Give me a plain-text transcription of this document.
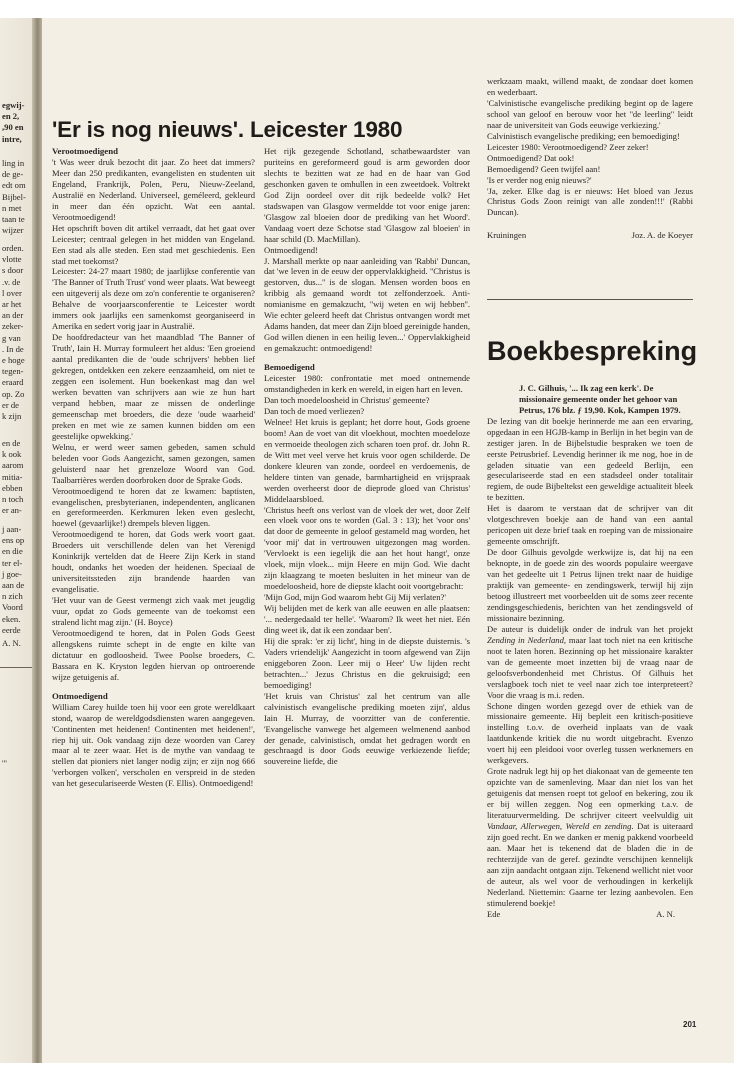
egwij-

en 2,

,90 en

intre,

ling in

de ge-

edt om

Bijbel-

n met

taan te

wijzer

orden.

vlotte

s door

.v. de

l over

ar het

an der

zeker-

g van

. In de

e hoge

tegen-

eraard

op. Zo

er de

k zijn

en de

k ook

aarom

mitia-

ebben

n toch

er an-

j aan-

ens op

en die

ter el-

j goe-

aan de

n zich

Voord

eken.

eerde

A. N.

'"

'Er is nog nieuws'. Leicester 1980
Verootmoedigend

't Was weer druk bezocht dit jaar. Zo heet dat immers? Meer dan 250 predikanten, evangelisten en studenten uit Engeland, Frankrijk, Polen, Peru, Nieuw-Zeeland, Australië en Nederland. Universeel, geméleerd, gekleurd in meer dan één opzicht. Wat een aantal. Verootmoedigend!

Het opschrift boven dit artikel verraadt, dat het gaat over Leicester; centraal gelegen in het midden van Engeland. Een stad als alle steden. Een stad met geschiedenis. Een stad met toekomst?

Leicester: 24-27 maart 1980; de jaarlijkse conferentie van 'The Banner of Truth Trust' vond weer plaats. Wat beweegt een uitgeverij als deze om zo'n conferentie te organiseren? Behalve de voorjaarsconferentie te Leicester wordt immers ook jaarlijks een samenkomst georganiseerd in Amerika en sedert vorig jaar in Australië.

De hoofdredacteur van het maandblad 'The Banner of Truth', Iain H. Murray formuleert het aldus: 'Een groeiend aantal predikanten die de 'oude schrijvers' hebben lief gekregen, ontdekken een zekere eenzaamheid, om niet te zeggen een isolement. Hun boekenkast mag dan wel werken bevatten van schrijvers aan wie ze hun hart verpand hebben, maar ze missen de onderlinge gemeenschap met broeders, die deze 'oude waarheid' preken en met wie ze samen kunnen bidden om een geestelijke opwekking.'

Welnu, er werd weer samen gebeden, samen schuld beleden voor Gods Aangezicht, samen gezongen, samen geluisterd naar het grenzeloze Woord van God. Taalbarrières werden doorbroken door de Sprake Gods.

Verootmoedigend te horen dat ze kwamen: baptisten, evangelischen, presbyterianen, independenten, anglicanen en gereformeerden. Kerkmuren leken even geslecht, hoewel (gevaarlijke!) drempels bleven liggen.

Verootmoedigend te horen, dat Gods werk voort gaat. Broeders uit verschillende delen van het Verenigd Koninkrijk vertelden dat de Heere Zijn Kerk in stand houdt, ondanks het woeden der heidenen. Speciaal de universiteitssteden zijn brandende haarden van evangelisatie.

'Het vuur van de Geest vermengt zich vaak met jeugdig vuur, opdat zo Gods gemeente van de toekomst een stralend licht mag zijn.' (H. Boyce)

Verootmoedigend te horen, dat in Polen Gods Geest allengskens ruimte schept in de engte en kilte van dictatuur en godloosheid. Twee Poolse broeders, C. Bassara en K. Kryston legden hiervan op ontroerende wijze getuigenis af.

Ontmoedigend

William Carey huilde toen hij voor een grote wereldkaart stond, waarop de wereldgodsdiensten waren aangegeven. 'Continenten met heidenen! Continenten met heidenen!', riep hij uit. Ook vandaag zijn deze woorden van Carey maar al te zeer waar. Het is de mythe van vandaag te stellen dat pioniers niet langer nodig zijn; er zijn nog 666 'verborgen volken', verscholen en verspreid in de steden van het geseculariseerde Westen (F. Ellis). Ontmoedigend!

Het rijk gezegende Schotland, schatbewaardster van puriteins en gereformeerd goud is arm geworden door slechts te bezitten wat ze had en de haar van God geschonken gaven te omhullen in een zweetdoek. Voltrekt God Zijn oordeel over dit rijk bedeelde volk? Het stadswapen van Glasgow vermeldde tot voor enige jaren: 'Glasgow zal bloeien door de prediking van het Woord'. Vandaag voert deze Schotse stad 'Glasgow zal bloeien' in haar schild (D. MacMillan).

Ontmoedigend!

J. Marshall merkte op naar aanleiding van 'Rabbi' Duncan, dat 'we leven in de eeuw der oppervlakkigheid. ''Christus is gestorven, dus...'' is de slogan. Mensen worden boos en kribbig als gemaand wordt tot zelfonderzoek. Anti-nomianisme en gemakzucht, ''wij weten en wij hebben''. Wie echter geleerd heeft dat Christus ontvangen wordt met Adams handen, dat meer dan Zijn bloed gereinigde handen, God willen dienen in een heilig leven...' Oppervlakkigheid en gemakzucht: ontmoedigend!

Bemoedigend

Leicester 1980: confrontatie met moed ontnemende omstandigheden in kerk en wereld, in eigen hart en leven.

Dan toch moedeloosheid in Christus' gemeente?

Dan toch de moed verliezen?

Welnee! Het kruis is geplant; het dorre hout, Gods groene boom! Aan de voet van dit vloekhout, mochten moedeloze en vermoeide theologen zich scharen toen prof. dr. John R. de Witt met veel verve het kruis voor ogen schilderde. De donkere kleuren van zonde, oordeel en verdoemenis, de heldere tinten van genade, barmhartigheid en vrijspraak werden overheerst door de dieprode gloed van Christus' Middelaarsbloed.

'Christus heeft ons verlost van de vloek der wet, door Zelf een vloek voor ons te worden (Gal. 3 : 13); het 'voor ons' dat door de gemeente in geloof gestameld mag worden, het 'voor mij' dat in vertrouwen uitgezongen mag worden. 'Vervloekt is een iegelijk die aan het hout hangt', onze vloek, mijn vloek... mijn Heere en mijn God. Wie dacht zijn klaagzang te moeten besluiten in het mineur van de moedeloosheid, hore de diepste klacht ooit voortgebracht:

'Mijn God, mijn God waarom hebt Gij Mij verlaten?'

Wij belijden met de kerk van alle eeuwen en alle plaatsen: '... nedergedaald ter helle'. 'Waarom? Ik weet het niet. Eén ding weet ik, dat ik een zondaar ben'.

Hij die sprak: 'er zij licht', hing in de diepste duisternis. 's Vaders vriendelijk' Aangezicht in toorn afgewend van Zijn eniggeboren Zoon. Leer mij o Heer' Uw lijden recht betrachten...' Jezus Christus en die gekruisigd; een bemoediging!

'Het kruis van Christus' zal het centrum van alle calvinistisch evangelische prediking moeten zijn', aldus Iain H. Murray, de voorzitter van de conferentie. 'Evangelische vanwege het algemeen welmenend aanbod der genade, calvinistisch, omdat het gedragen wordt en geschraagd is door Gods eeuwige verkiezende liefde; souvereine liefde, die

werkzaam maakt, willend maakt, de zondaar doet komen en wederbaart.

'Calvinistische evangelische prediking begint op de lagere school van geloof en berouw voor het ''de leerling'' leidt naar de universiteit van Gods eeuwige verkiezing.'

Calvinistisch evangelische prediking; een bemoediging!

Leicester 1980: Verootmoedigend? Zeer zeker!

Ontmoedigend? Dat ook!

Bemoedigend? Geen twijfel aan!

'Is er verder nog enig nieuws?'

'Ja, zeker. Elke dag is er nieuws: Het bloed van Jezus Christus Gods Zoon reinigt van alle zonden!!!' (Rabbi Duncan).

Kruiningen	Joz. A. de Koeyer
Boekbespreking

J. C. Gilhuis, '... Ik zag een kerk'. De missionaire gemeente onder het gehoor van Petrus, 176 blz. ƒ 19,90. Kok, Kampen 1979.

De lezing van dit boekje herinnerde me aan een ervaring, opgedaan in een HGJB-kamp in Berlijn in het begin van de zestiger jaren. In de Bijbelstudie bespraken we toen de eerste Petrusbrief. Levendig herinner ik me nog, hoe in de geladen situatie van een gedeeld Berlijn, een geseculariseerde stad en een stadsdeel onder totalitair regiem, de oude Bijbeltekst een geweldige actualiteit bleek te bezitten.

Het is daarom te verstaan dat de schrijver van dit vlotgeschreven boekje aan de hand van een aantal pericopen uit deze brief taak en roeping van de missionaire gemeente omschrijft.

De door Gilhuis gevolgde werkwijze is, dat hij na een beknopte, in de goede zin des woords populaire weergave van het gedeelte uit 1 Petrus lijnen trekt naar de huidige praktijk van gemeente- en zendingswerk, terwijl hij zijn betoog illustreert met voorbeelden uit de soms zeer recente zendingsgeschiedenis, berichten van het zendingsveld of missionaire bezinning.

De auteur is duidelijk onder de indruk van het projekt Zending in Nederland, maar laat toch niet na een kritische noot te laten horen. Bezinning op het missionaire karakter van de gemeente moet inzetten bij de vraag naar de geloofsverbondenheid met Christus. Of Gilhuis het verslagboek toch niet te veel naar zich toe interpreteert? Voor die vraag is m.i. reden.

Schone dingen worden gezegd over de ethiek van de missionaire gemeente. Hij bepleit een kritisch-positieve instelling t.o.v. de overheid inplaats van de vaak laatdunkende kritiek die nu wordt uitgebracht. Evenzo voert hij een pleidooi voor overleg tussen werknemers en werkgevers.

Grote nadruk legt hij op het diakonaat van de gemeente ten opzichte van de samenleving. Maar dan niet los van het getuigenis dat mensen roept tot geloof en bekering, zou ik er bij willen zeggen. Nog een opmerking t.a.v. de literatuurvermelding. De schrijver citeert veelvuldig uit Vandaar, Allerwegen, Wereld en zending. Dat is uiteraard zijn goed recht. En we danken er menig pakkend voorbeeld aan. Maar het is tekenend dat de bladen die in de rechterzijde van de geref. gezindte verschijnen kennelijk aan zijn aandacht ontgaan zijn. Tekenend wellicht niet voor de auteur, als wel voor de verhoudingen in kerkelijk Nederland. Niettemin: Gaarne ter lezing aanbevolen. Een stimulerend boekje!

Ede	A. N.
201
